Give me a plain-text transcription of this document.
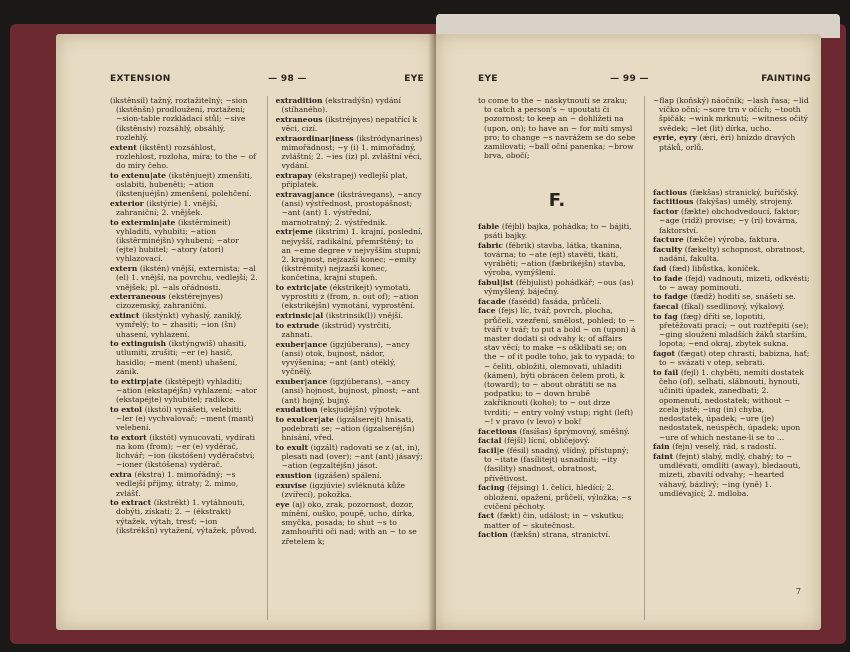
EXTENSION	— 98 —	EYE
(ikstênsil) tažný, roztažitelný; ~sion (ikstênšn) prodloužení, roztažení; ~sion-table rozkládací stůl; ~sive (ikstênsiv) rozsáhlý, obsáhlý, rozlehlý.
extent (ikstênt) rozsáhlost, rozlehlost, rozloha, míra; to the ~ of do míry čeho.
to extenu|ate (ikstênjuejt) zmenšiti, oslabiti, hubeněti; ~ation (ikstenjuéjšn) zmenšení, polehčení.
exterior (ikstýrie) 1. vnější, zahraniční; 2. vnějšek.
to extermin|ate (ikstêrmineit) vyhladiti, vyhubiti; ~ation (ikstêrminéjšn) vyhubení; ~ator (ejte) hubitel; ~atory (atori) vyhlazovací.
extern (ikstén) vnější, externista; ~al (el) 1. vnější, na povrchu, vedlejší; 2. vnějšek; pl. ~als ořádnosti.
exterraneous (ekstérejnyes) cizozemský, zahraniční.
extinct (ikstýnkt) vyhaslý, zaniklý, vymřelý; to ~ zhasiti; ~ion (šn) uhasení, vyhlazení.
to extinguish (ikstýngwiš) uhasiti, utlumiti, zrušiti; ~er (e) hasič, hasidlo; ~ment (ment) uhašení, zánik.
to extirp|ate (ikstêpejt) vyhladiti; ~ation (ekstapéjšn) vyhlazení; ~ator (ekstapéjte) vyhubitel; radikce.
to extol (ikstól) vynášeti, velebiti; ~ler (e) vychvalovač; ~ment (mant) velebení.
to extort (ikstót) vynucovati, vydírati na kom (from); ~er (e) vyděrač, lichvář; ~ion (ikstóšen) vyděračství; ~ioner (ikstóšena) vyděrač.
extra (ékstra) 1. mimořádný; ~s vedlejší příjmy, útraty; 2. mimo, zvlášť.
to extract (ikstrékt) 1. vytáhnouti, dobýti, získati; 2. ~ (ékstrakt) výtažek, výtah, tresť; ~ion (ikstrékšn) vytažení, výtažek, původ.
extradition (ekstradýšn) vydání (stíhaného).
extraneous (ikstréjnyes) nepatřící k věci, cizí.
extraordinar|iness (ikstródynarines) mimořádnost; ~y (i) 1. mimořádný, zvláštní; 2. ~ies (iz) pl. zvláštní věci, vydání.
extrapay (ékstrapej) vedlejší plat, příplatek.
extravag|ance (ikstrávegans), ~ancy (ansi) výstřednost, prostopášnost; ~ant (ant) 1. výstřední, marnotratný; 2. výstřednik.
extr|eme (ikstrím) 1. krajní, poslední, nejvyšší, radikální, přemrštěný; to an ~eme degree v nejvyšším stupni; 2. krajnost, nejzazší konec; ~emity (ikstrémity) nejzazší konec, končetina, krajní stupeň.
to extric|ate (ékstrikejt) vymotati, vyprostiti z (from, n. out of); ~ation (ekstrikéjšn) vymotání, vyprostění.
extrinsic|al (ikstrinsik(l)) vnější.
to extrude (ikstrúd) vystrčiti, zahnati.
exuber|ance (igzjúberans), ~ancy (ansi) otok, bujnost, nádor, vyvýšenina; ~ant (ant) otéklý, vyčnělý.
exuber|ance (igzjúberans), ~ancy (ansi) hojnost, bujnost, plnost; ~ant (ant) hojný, bujný.
exudation (eksjudéjšn) výpotek.
to exulcer|ate (igzálserejt) hnisati, podebrati se; ~ation (igzalseréjšn) hnisání, vřed.
to exult (igzált) radovati se z (at, in), plesati nad (over); ~ant (ant) jásavý; ~ation (egzaltéjšn) jásot.
exustion (igzášen) spálení.
exuvise (igzjúvie) svléknutá kůže (zvířecí), pokožka.
eye (aj) oko, zrak, pozornost, dozor, mínění, ouško, poupě, ucho, dírka, smyčka, posada; to shut ~s to zamhouřiti oči nad; with an ~ to se zřetelem k;
EYE	— 99 —	FAINTING
to come to the ~ naskytnouti se zraku; to catch a person's ~ upoutati či pozornost; to keep an ~ dohlížeti na (upon, on); to have an ~ for míti smysl pro; to change ~s navrážem se do sebe zamilovati; ~ball oční panenka; ~brow brva, obočí;
F.
fable (féjbl) bajka, pohádka; to ~ bájiti, psáti bajky.
fabric (fébrik) stavba, látka, tkanina, továrna; to ~ate (ejt) stavěti, tkáti, vyráběti; ~ation (fæbrikéjšn) stavba, výroba, vymýšlení.
fabul|ist (fébjulist) pohádkář; ~ous (as) výmyšlený, báječný.
facade (fasédd) fasáda, průčelí.
face (fejs) líc, tvář, povrch, plocha, průčelí, vzezření, smělost, pohled; to ~ tváří v tvář; to put a bold ~ on (upon) á master dodati si odvahy k; of affairs stav věcí; to make ~s ošklibati se; on the ~ of it podle toho, jak to vypadá; to ~ čeliti, obložiti, olemovati, uhladiti (kámen), býti obrácen čelem proti, k (toward); to ~ about obrátiti se na podpatku; to ~ down hrubě zakřiknouti (koho); to ~ out drze tvrditi; ~ entry volný vstup; right (left) ~! v pravo (v levo) v bok!
facetious (fasíšas) šprýmovný, směšný.
facial (féjšl) lícní, obličejový.
facil|e (fésil) snadný, vlídný, přístupný; to ~itate (fasílitejt) usnadniti; ~ity (fasility) snadnost, obratnost, přívětivost.
facing (féjsinɡ) 1. čelíci, hledící; 2. obložení, opažení, průčelí, výložka; ~s cvičení pěchoty.
fact (fækt) čin, událost; in ~ vskutku; matter of ~ skutečnost.
faction (fækšn) strana, stranictví.
~flap (koňský) náočník; ~lash řasa; ~lid víčko oční; ~sore trn v očích; ~tooth špičák; ~wink mrknutí; ~witness očitý svědek; ~let (lit) dírka, ucho.
eyrie, eyry (ǽri, ėri) hnízdo dravých ptáků, orlů.
factious (fækšas) stranický, buřičský.
factitious (fakýšas) umělý, strojený.
factor (fækte) obchodvedoucí, faktor; ~age (ridž) provise; ~y (ri) továrna, faktorství.
facture (fækče) výroba, faktura.
faculty (fækelty) schopnost, obratnost, nadání, fakulta.
fad (fæd) libůstka, koníček.
to fade (fejd) vadnouti, mizeti, odkvésti; to ~ away pominouti.
to fadge (fædž) hodití se, snášeti se.
faecal (fíkal) ssedlinový, výkalový.
to fag (fæg) dříti se, lopotiti, přetěžovati prací; ~ out roztřepiti (se); ~ging sloužení mladších žáků starším, lopota; ~end okraj, zbytek sukna.
fagot (fægat) otep chrastí, babizna, hať; to ~ svázati v otep, sebrati.
to fail (fejl) 1. chyběti, nemíti dostatek čeho (of), selhati, slábnouti, hynouti, učiniti úpadek, zanedbati; 2. opomenutí, nedostatek; without ~ zcela jistě; ~ing (in) chyba, nedostatek, úpadek; ~ure (je) nedostatek, neúspěch, úpadek; upon ~ure of which nestane-li se to ...
fain (fejn) veselý, rád, s radostí.
faint (fejnt) slabý, mdlý, chabý; to ~ umdlévati, omdlíti (away), bledaouti, mizeti, zbavití odvahy; ~hearted váhavý, bázlivý; ~ing (yně) 1. umdlévající; 2. mdloba.
7
